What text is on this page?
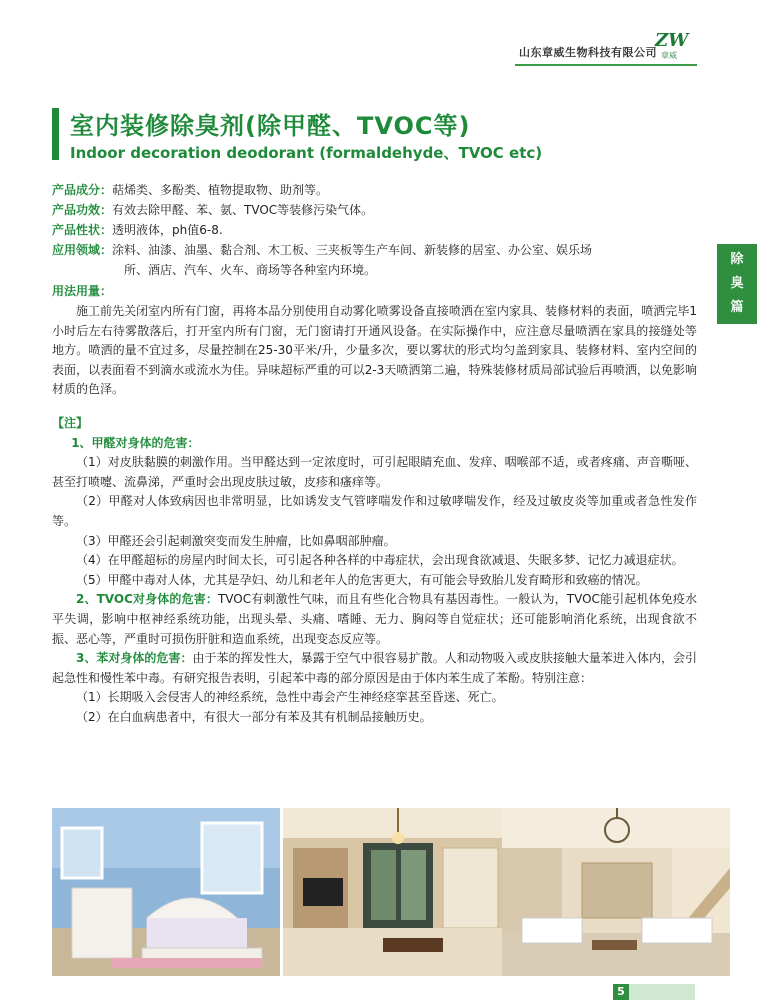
山东章威生物科技有限公司
ZW
章威
室内装修除臭剂(除甲醛、TVOC等)
Indoor decoration deodorant (formaldehyde、TVOC etc)
除
臭
篇
产品成分：萜烯类、多酚类、植物提取物、助剂等。
产品功效：有效去除甲醛、苯、氨、TVOC等装修污染气体。
产品性状：透明液体，ph值6-8.
应用领域：涂料、油漆、油墨、黏合剂、木工板、三夹板等生产车间、新装修的居室、办公室、娱乐场
所、酒店、汽车、火车、商场等各种室内环境。
用法用量：

施工前先关闭室内所有门窗，再将本品分别使用自动雾化喷雾设备直接喷洒在室内家具、装修材料的表面，喷洒完毕1小时后左右待雾散落后，打开室内所有门窗，无门窗请打开通风设备。在实际操作中，应注意尽量喷洒在家具的接缝处等地方。喷洒的量不宜过多，尽量控制在25-30平米/升，少量多次，要以雾状的形式均匀盖到家具、装修材料、室内空间的表面，以表面看不到滴水或流水为佳。异味超标严重的可以2-3天喷洒第二遍，特殊装修材质局部试验后再喷洒，以免影响材质的色泽。

【注】

1、甲醛对身体的危害：

（1）对皮肤黏膜的刺激作用。当甲醛达到一定浓度时，可引起眼睛充血、发痒、咽喉部不适，或者疼痛、声音嘶哑、甚至打喷嚏、流鼻涕，严重时会出现皮肤过敏，皮疹和瘙痒等。

（2）甲醛对人体致病因也非常明显，比如诱发支气管哮喘发作和过敏哮喘发作，经及过敏皮炎等加重或者急性发作等。

（3）甲醛还会引起刺激突变而发生肿瘤，比如鼻咽部肿瘤。

（4）在甲醛超标的房屋内时间太长，可引起各种各样的中毒症状，会出现食欲减退、失眠多梦、记忆力减退症状。

（5）甲醛中毒对人体，尤其是孕妇、幼儿和老年人的危害更大，有可能会导致胎儿发育畸形和致癌的情况。

2、TVOC对身体的危害：TVOC有刺激性气味，而且有些化合物具有基因毒性。一般认为，TVOC能引起机体免疫水平失调，影响中枢神经系统功能，出现头晕、头痛、嗜睡、无力、胸闷等自觉症状；还可能影响消化系统，出现食欲不振、恶心等，严重时可损伤肝脏和造血系统，出现变态反应等。

3、苯对身体的危害：由于苯的挥发性大，暴露于空气中很容易扩散。人和动物吸入或皮肤接触大量苯进入体内，会引起急性和慢性苯中毒。有研究报告表明，引起苯中毒的部分原因是由于体内苯生成了苯酚。特别注意：

（1）长期吸入会侵害人的神经系统，急性中毒会产生神经痉挛甚至昏迷、死亡。

（2）在白血病患者中，有很大一部分有苯及其有机制品接触历史。

5
